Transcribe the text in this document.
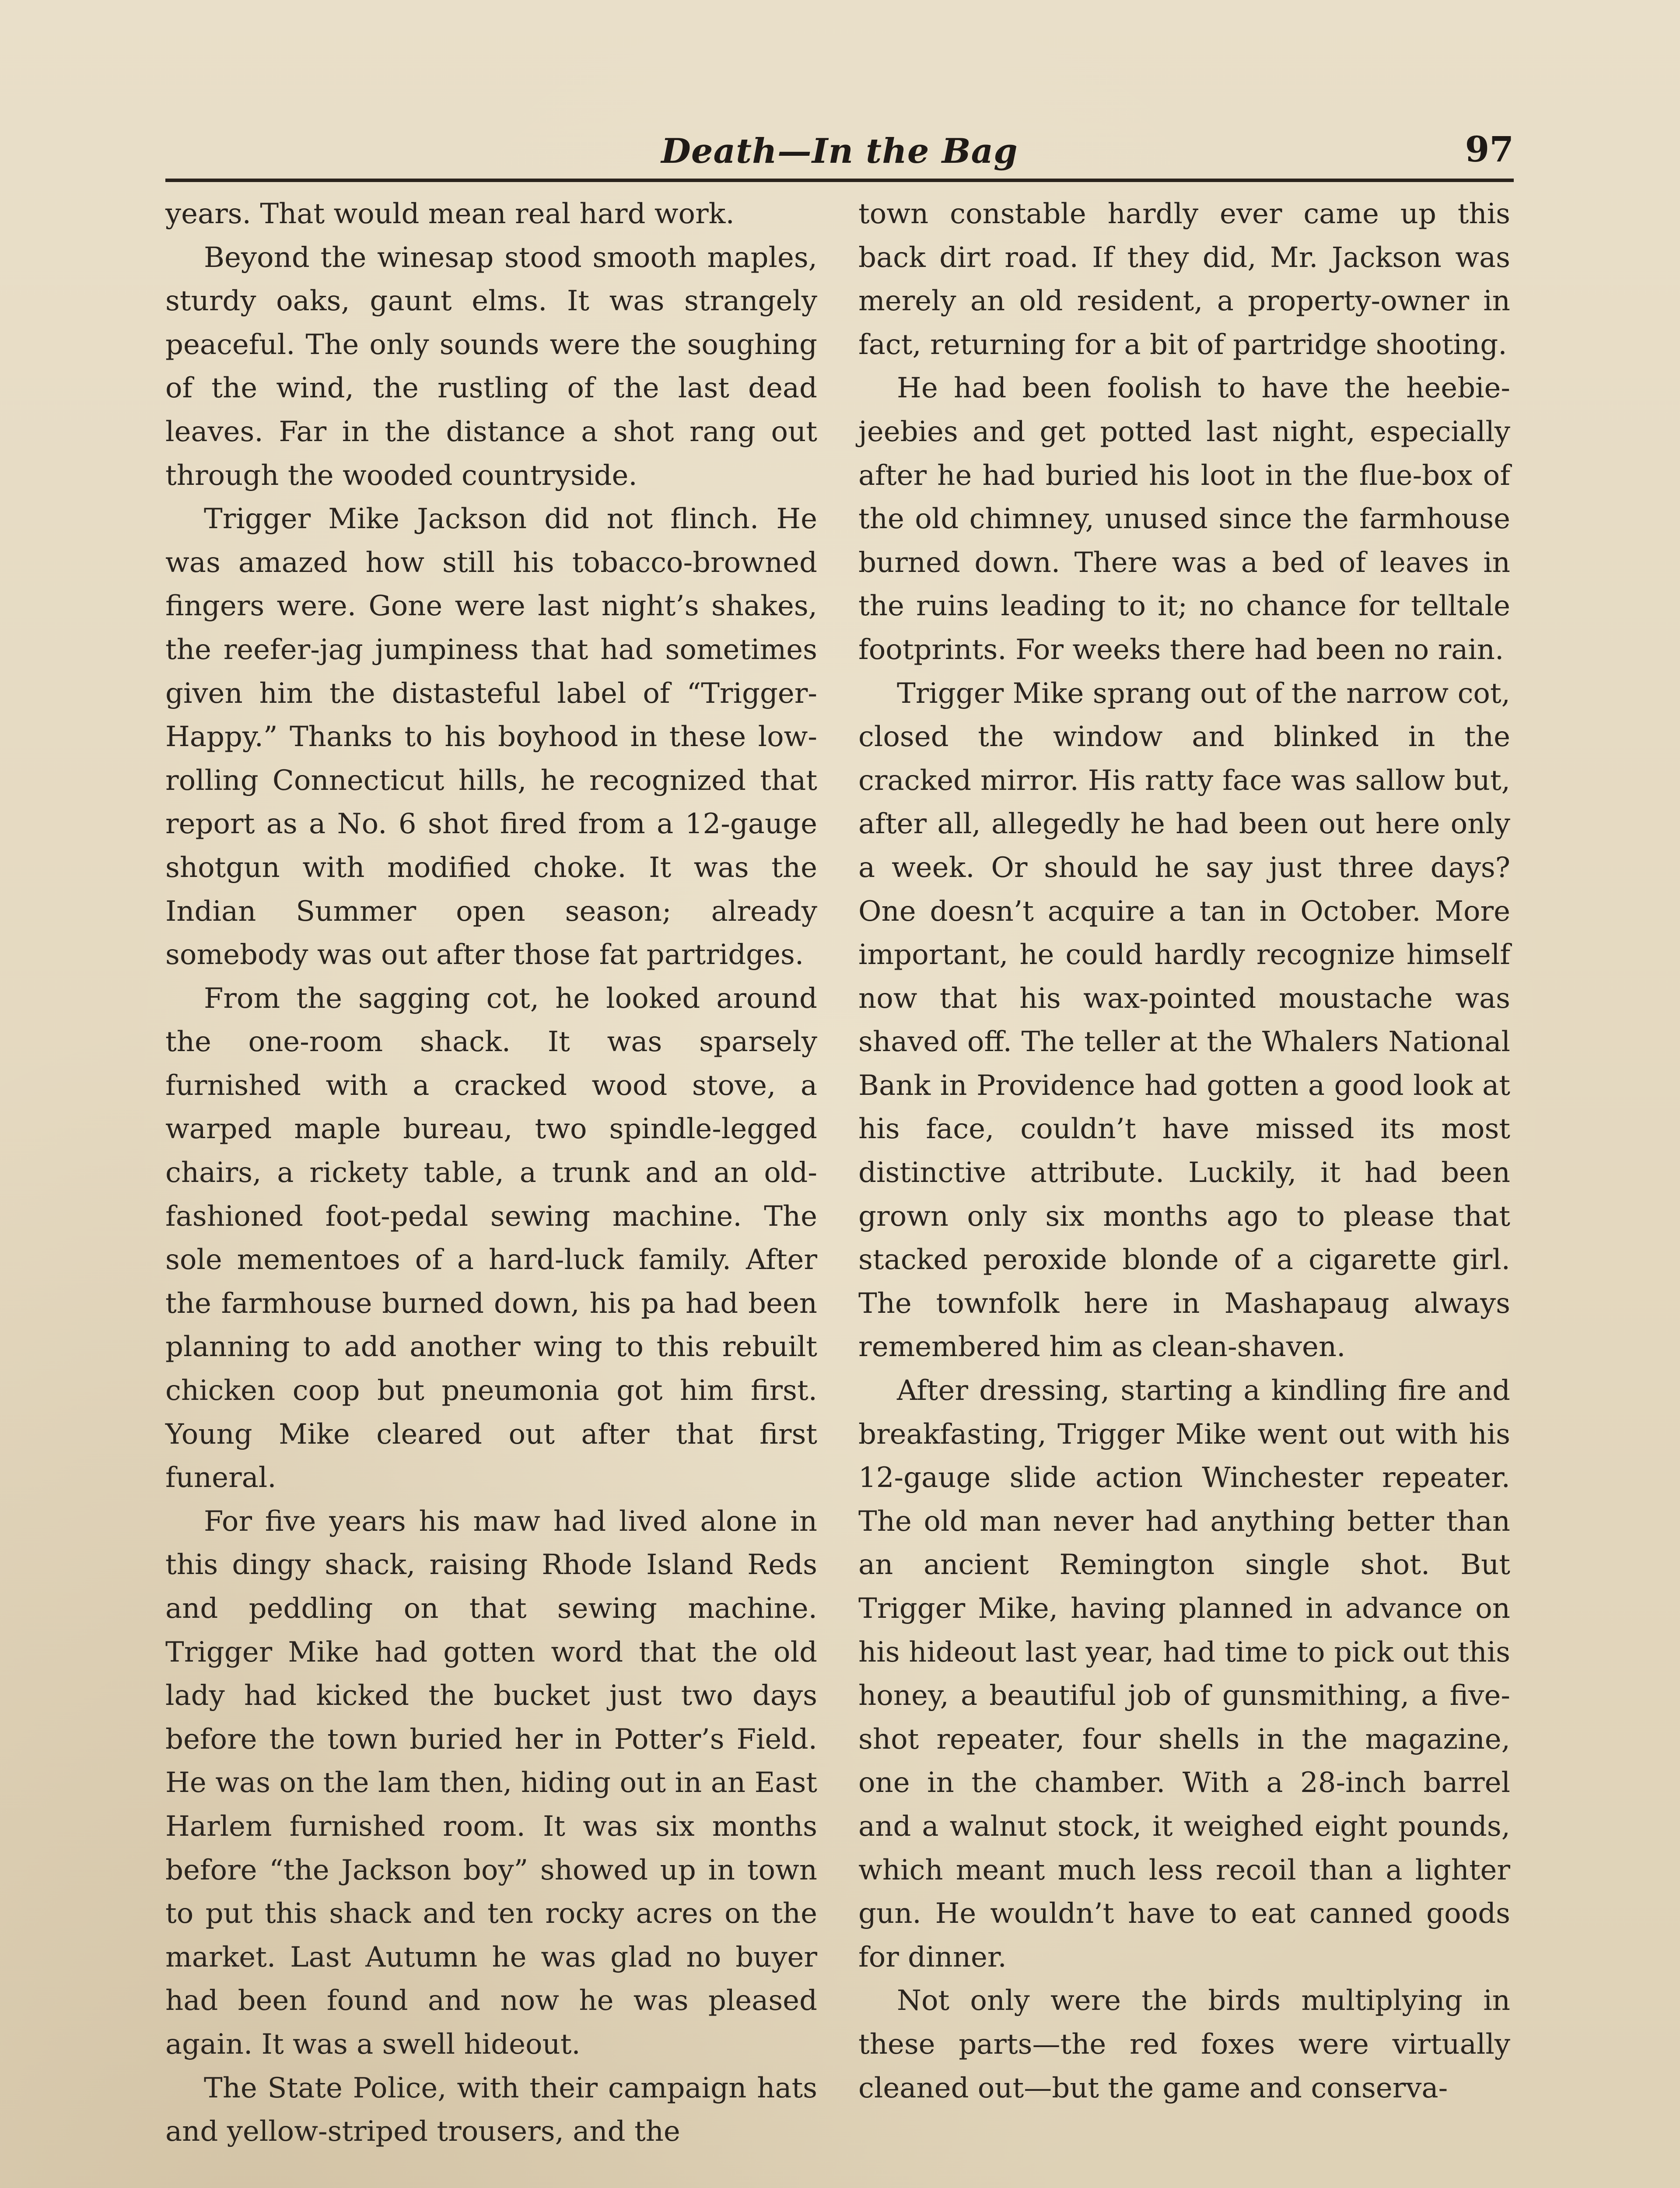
Death—In the Bag	97

years. That would mean real hard work.

Beyond the winesap stood smooth maples, sturdy oaks, gaunt elms. It was strangely peaceful. The only sounds were the soughing of the wind, the rustling of the last dead leaves. Far in the distance a shot rang out through the wooded countryside.

Trigger Mike Jackson did not flinch. He was amazed how still his tobacco-browned fingers were. Gone were last night’s shakes, the reefer-jag jumpiness that had sometimes given him the distasteful label of “Trigger-Happy.” Thanks to his boyhood in these low-rolling Connecticut hills, he recognized that report as a No. 6 shot fired from a 12-gauge shotgun with modified choke. It was the Indian Summer open season; already somebody was out after those fat partridges.

From the sagging cot, he looked around the one-room shack. It was sparsely furnished with a cracked wood stove, a warped maple bureau, two spindle-legged chairs, a rickety table, a trunk and an old-fashioned foot-pedal sewing machine. The sole mementoes of a hard-luck family. After the farmhouse burned down, his pa had been planning to add another wing to this rebuilt chicken coop but pneumonia got him first. Young Mike cleared out after that first funeral.

For five years his maw had lived alone in this dingy shack, raising Rhode Island Reds and peddling on that sewing machine. Trigger Mike had gotten word that the old lady had kicked the bucket just two days before the town buried her in Potter’s Field. He was on the lam then, hiding out in an East Harlem furnished room. It was six months before “the Jackson boy” showed up in town to put this shack and ten rocky acres on the market. Last Autumn he was glad no buyer had been found and now he was pleased again. It was a swell hideout.

The State Police, with their campaign hats and yellow-striped trousers, and the

town constable hardly ever came up this back dirt road. If they did, Mr. Jackson was merely an old resident, a property-owner in fact, returning for a bit of partridge shooting.

He had been foolish to have the heebie-jeebies and get potted last night, especially after he had buried his loot in the flue-box of the old chimney, unused since the farmhouse burned down. There was a bed of leaves in the ruins leading to it; no chance for telltale footprints. For weeks there had been no rain.

Trigger Mike sprang out of the narrow cot, closed the window and blinked in the cracked mirror. His ratty face was sallow but, after all, allegedly he had been out here only a week. Or should he say just three days? One doesn’t acquire a tan in October. More important, he could hardly recognize himself now that his wax-pointed moustache was shaved off. The teller at the Whalers National Bank in Providence had gotten a good look at his face, couldn’t have missed its most distinctive attribute. Luckily, it had been grown only six months ago to please that stacked peroxide blonde of a cigarette girl. The townfolk here in Mashapaug always remembered him as clean-shaven.

After dressing, starting a kindling fire and breakfasting, Trigger Mike went out with his 12-gauge slide action Winchester repeater. The old man never had anything better than an ancient Remington single shot. But Trigger Mike, having planned in advance on his hideout last year, had time to pick out this honey, a beautiful job of gunsmithing, a five-shot repeater, four shells in the magazine, one in the chamber. With a 28-inch barrel and a walnut stock, it weighed eight pounds, which meant much less recoil than a lighter gun. He wouldn’t have to eat canned goods for dinner.

Not only were the birds multiplying in these parts—the red foxes were virtually cleaned out—but the game and conserva-
